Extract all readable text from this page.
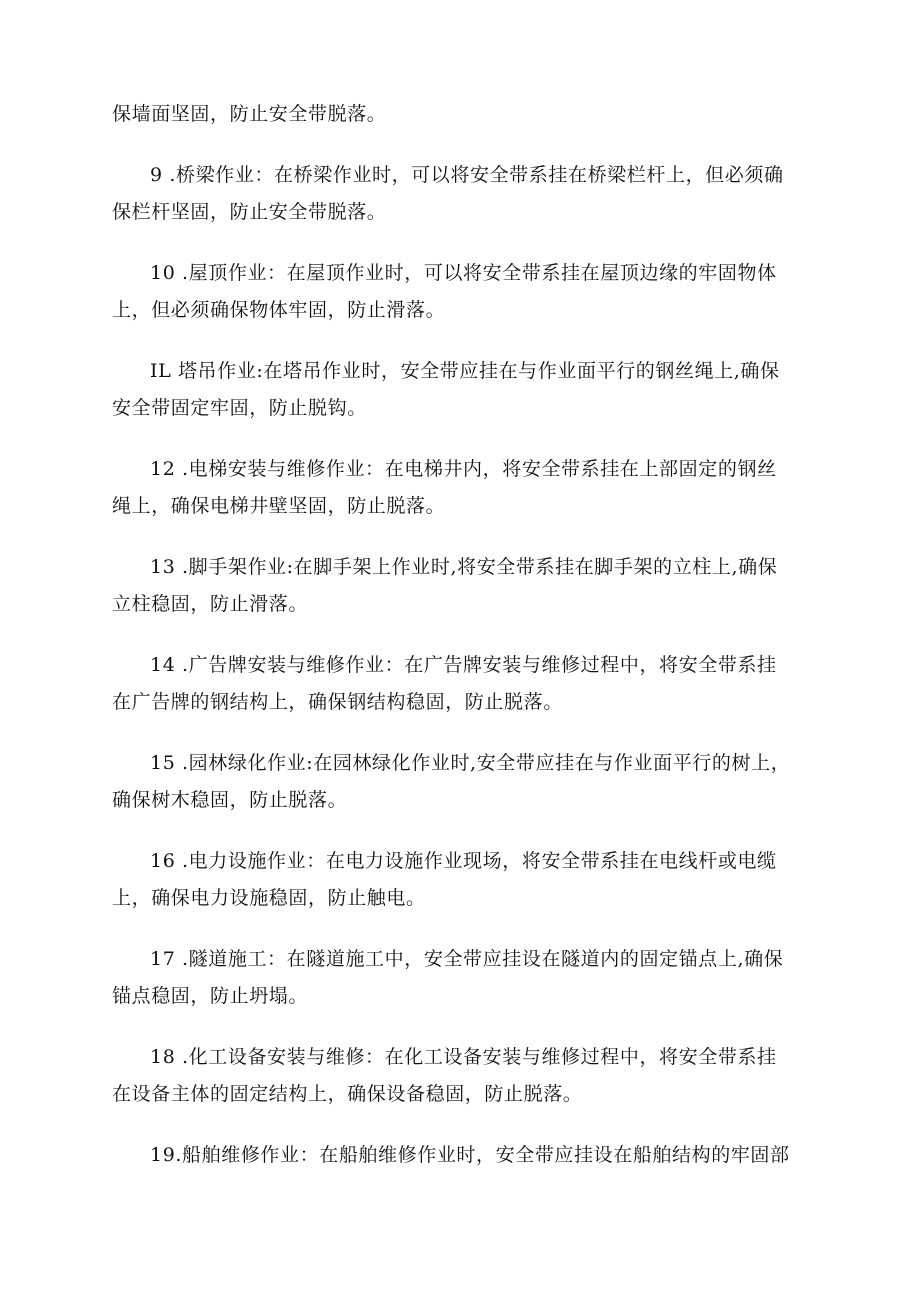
保墙面坚固，防止安全带脱落。
9 .桥梁作业：在桥梁作业时，可以将安全带系挂在桥梁栏杆上，但必须确
保栏杆坚固，防止安全带脱落。
10 .屋顶作业：在屋顶作业时，可以将安全带系挂在屋顶边缘的牢固物体
上，但必须确保物体牢固，防止滑落。
IL 塔吊作业:在塔吊作业时，安全带应挂在与作业面平行的钢丝绳上,确保
安全带固定牢固，防止脱钩。
12 .电梯安装与维修作业：在电梯井内，将安全带系挂在上部固定的钢丝
绳上，确保电梯井壁坚固，防止脱落。
13 .脚手架作业:在脚手架上作业时,将安全带系挂在脚手架的立柱上,确保
立柱稳固，防止滑落。
14 .广告牌安装与维修作业：在广告牌安装与维修过程中，将安全带系挂
在广告牌的钢结构上，确保钢结构稳固，防止脱落。
15 .园林绿化作业:在园林绿化作业时,安全带应挂在与作业面平行的树上，
确保树木稳固，防止脱落。
16 .电力设施作业：在电力设施作业现场，将安全带系挂在电线杆或电缆
上，确保电力设施稳固，防止触电。
17 .隧道施工：在隧道施工中，安全带应挂设在隧道内的固定锚点上,确保
锚点稳固，防止坍塌。
18 .化工设备安装与维修：在化工设备安装与维修过程中，将安全带系挂
在设备主体的固定结构上，确保设备稳固，防止脱落。
19.船舶维修作业：在船舶维修作业时，安全带应挂设在船舶结构的牢固部
